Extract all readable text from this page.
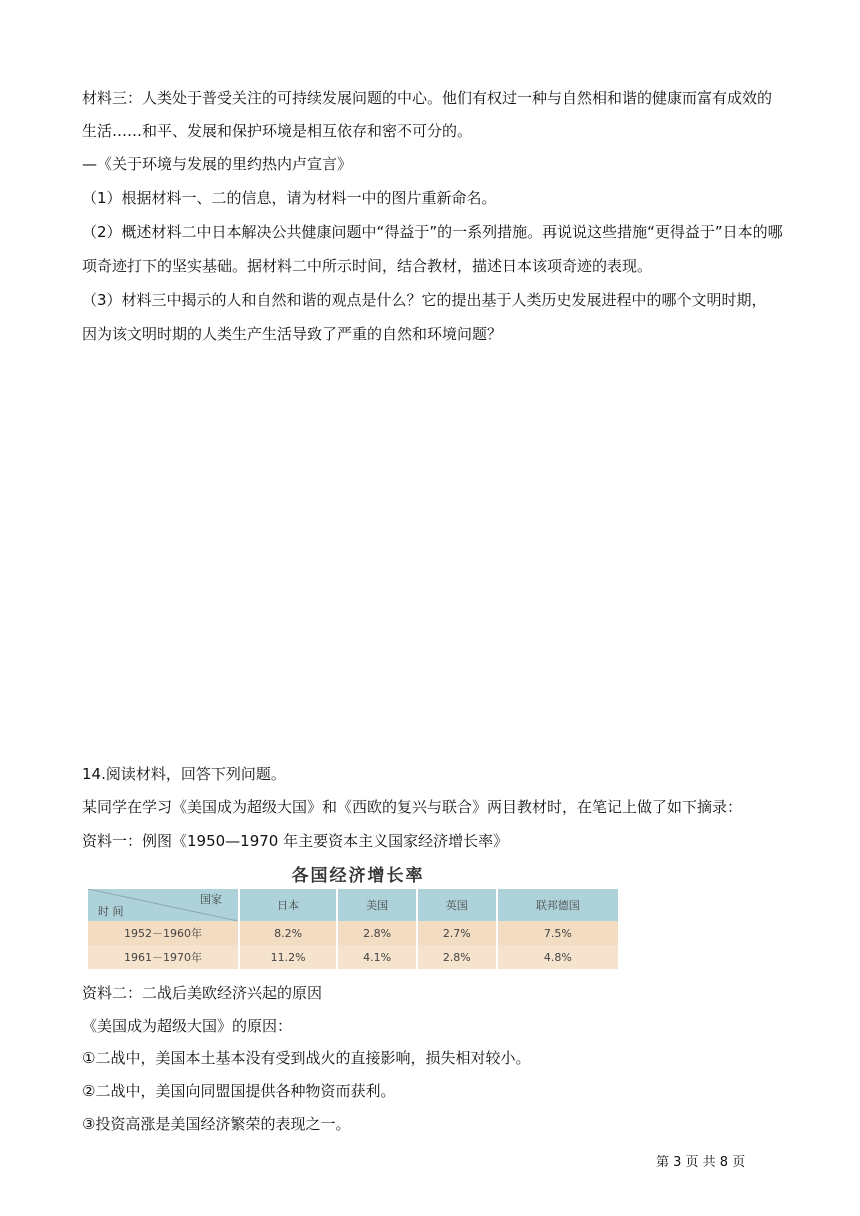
材料三：人类处于普受关注的可持续发展问题的中心。他们有权过一种与自然相和谐的健康而富有成效的
生活……和平、发展和保护环境是相互依存和密不可分的。
—《关于环境与发展的里约热内卢宣言》
（1）根据材料一、二的信息，请为材料一中的图片重新命名。
（2）概述材料二中日本解决公共健康问题中“得益于”的一系列措施。再说说这些措施“更得益于”日本的哪
项奇迹打下的坚实基础。据材料二中所示时间，结合教材，描述日本该项奇迹的表现。
（3）材料三中揭示的人和自然和谐的观点是什么？它的提出基于人类历史发展进程中的哪个文明时期，
因为该文明时期的人类生产生活导致了严重的自然和环境问题？
14.阅读材料，回答下列问题。
某同学在学习《美国成为超级大国》和《西欧的复兴与联合》两目教材时，在笔记上做了如下摘录：
资料一：例图《1950—1970 年主要资本主义国家经济增长率》
各国经济增长率
国家
时 间	日本	美国	英国	联邦德国
1952－1960年	8.2%	2.8%	2.7%	7.5%
1961－1970年	11.2%	4.1%	2.8%	4.8%
资料二：二战后美欧经济兴起的原因
《美国成为超级大国》的原因：
①二战中，美国本土基本没有受到战火的直接影响，损失相对较小。
②二战中，美国向同盟国提供各种物资而获利。
③投资高涨是美国经济繁荣的表现之一。
第 3 页 共 8 页
